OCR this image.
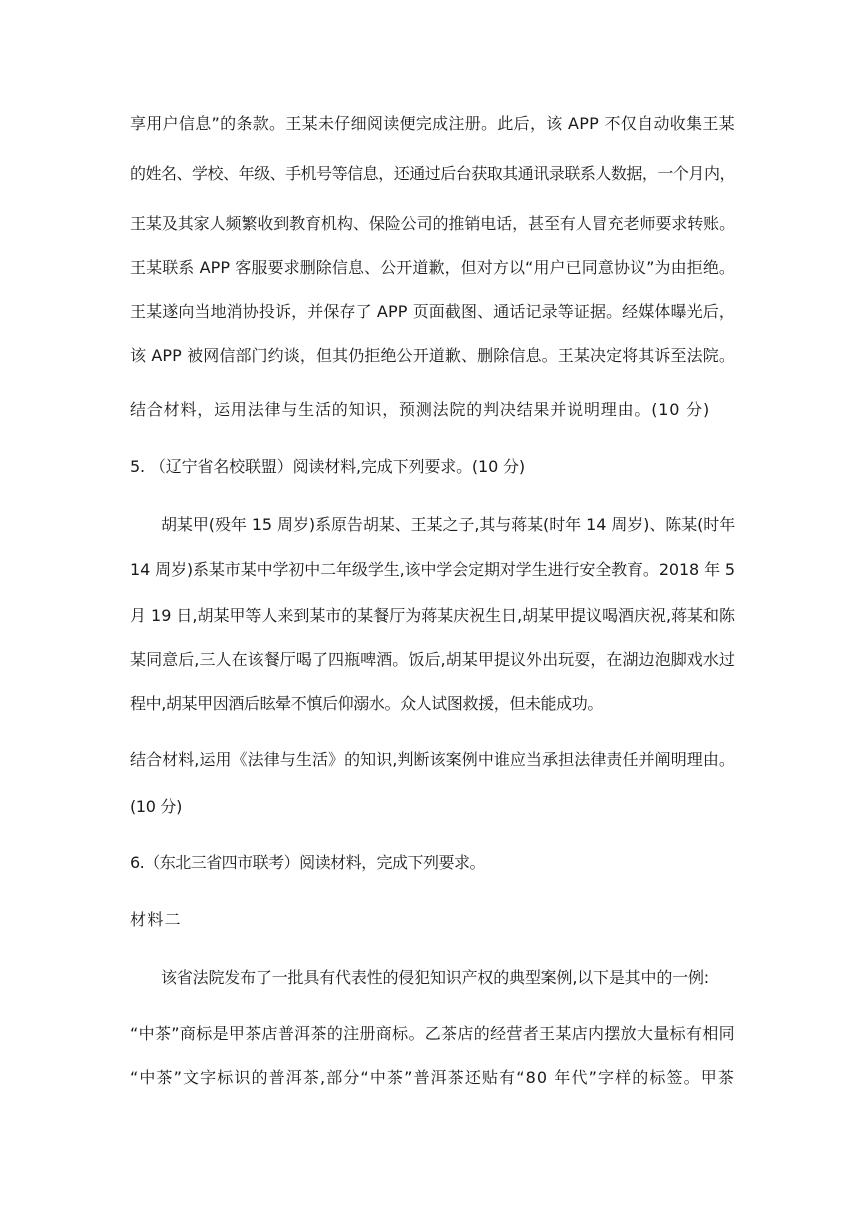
享用户信息”的条款。王某未仔细阅读便完成注册。此后，该 APP 不仅自动收集王某
的姓名、学校、年级、手机号等信息，还通过后台获取其通讯录联系人数据，一个月内，
王某及其家人频繁收到教育机构、保险公司的推销电话，甚至有人冒充老师要求转账。
王某联系 APP 客服要求删除信息、公开道歉，但对方以“用户已同意协议”为由拒绝。
王某遂向当地消协投诉，并保存了 APP 页面截图、通话记录等证据。经媒体曝光后，
该 APP 被网信部门约谈，但其仍拒绝公开道歉、删除信息。王某决定将其诉至法院。
结合材料，运用法律与生活的知识，预测法院的判决结果并说明理由。(10 分)
5. （辽宁省名校联盟）阅读材料,完成下列要求。(10 分)
胡某甲(殁年 15 周岁)系原告胡某、王某之子,其与蒋某(时年 14 周岁)、陈某(时年
14 周岁)系某市某中学初中二年级学生,该中学会定期对学生进行安全教育。2018 年 5
月 19 日,胡某甲等人来到某市的某餐厅为蒋某庆祝生日,胡某甲提议喝酒庆祝,蒋某和陈
某同意后,三人在该餐厅喝了四瓶啤酒。饭后,胡某甲提议外出玩耍，在湖边泡脚戏水过
程中,胡某甲因酒后眩晕不慎后仰溺水。众人试图救援，但未能成功。
结合材料,运用《法律与生活》的知识,判断该案例中谁应当承担法律责任并阐明理由。
(10 分)
6.（东北三省四市联考）阅读材料，完成下列要求。
材料二
该省法院发布了一批具有代表性的侵犯知识产权的典型案例,以下是其中的一例:
“中茶”商标是甲茶店普洱茶的注册商标。乙茶店的经营者王某店内摆放大量标有相同
“中茶”文字标识的普洱茶,部分“中茶”普洱茶还贴有“80 年代”字样的标签。甲茶
